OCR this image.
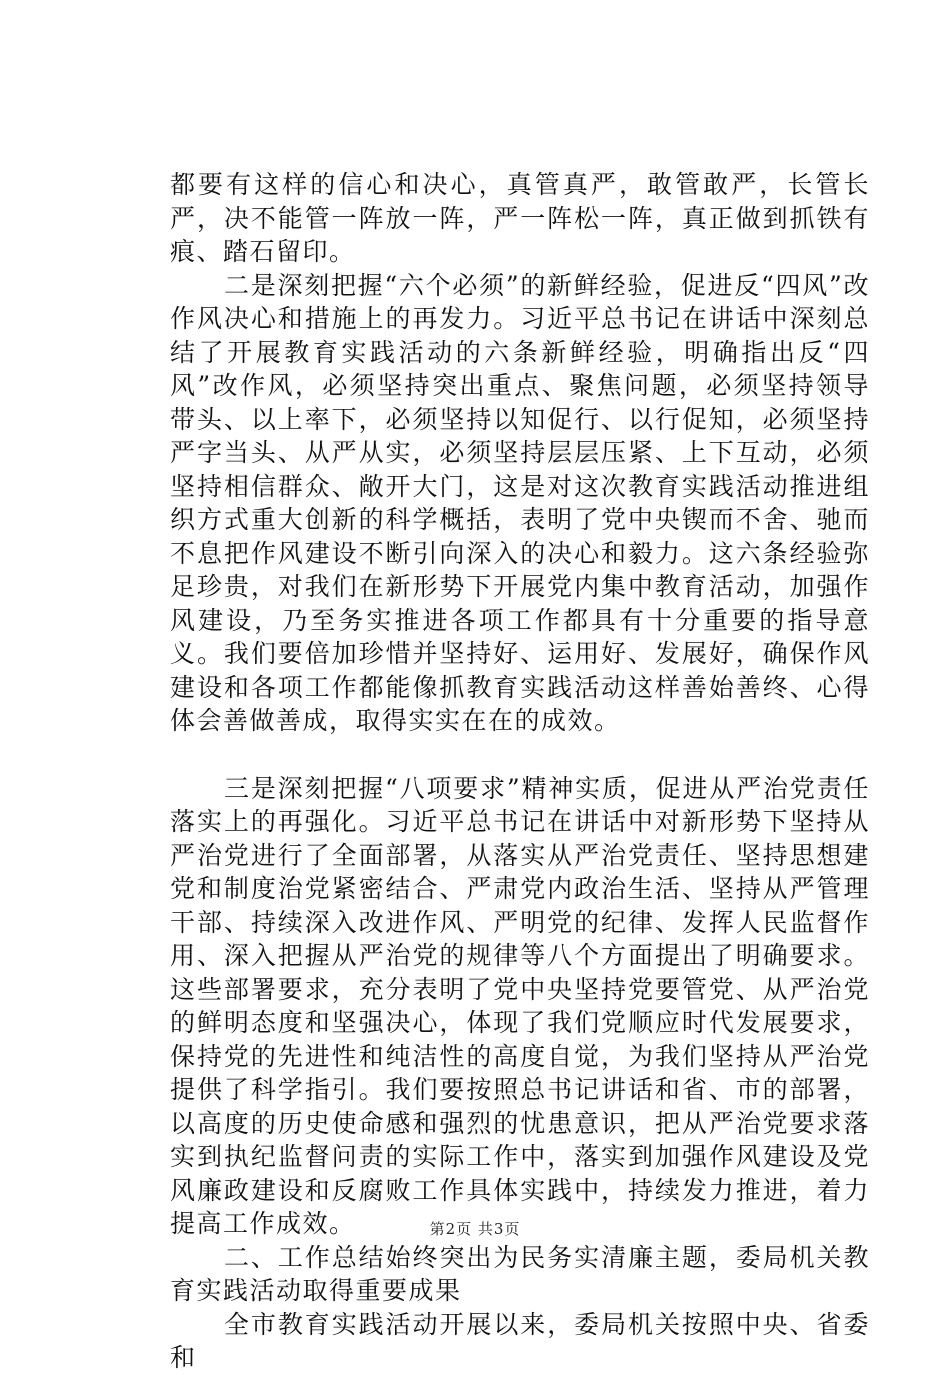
都要有这样的信心和决心，真管真严，敢管敢严，长管长严，决不能管一阵放一阵，严一阵松一阵，真正做到抓铁有痕、踏石留印。

二是深刻把握“六个必须”的新鲜经验，促进反“四风”改作风决心和措施上的再发力。习近平总书记在讲话中深刻总结了开展教育实践活动的六条新鲜经验，明确指出反“四风”改作风，必须坚持突出重点、聚焦问题，必须坚持领导带头、以上率下，必须坚持以知促行、以行促知，必须坚持严字当头、从严从实，必须坚持层层压紧、上下互动，必须坚持相信群众、敞开大门，这是对这次教育实践活动推进组织方式重大创新的科学概括，表明了党中央锲而不舍、驰而不息把作风建设不断引向深入的决心和毅力。这六条经验弥足珍贵，对我们在新形势下开展党内集中教育活动，加强作风建设，乃至务实推进各项工作都具有十分重要的指导意义。我们要倍加珍惜并坚持好、运用好、发展好，确保作风建设和各项工作都能像抓教育实践活动这样善始善终、心得体会善做善成，取得实实在在的成效。

三是深刻把握“八项要求”精神实质，促进从严治党责任落实上的再强化。习近平总书记在讲话中对新形势下坚持从严治党进行了全面部署，从落实从严治党责任、坚持思想建党和制度治党紧密结合、严肃党内政治生活、坚持从严管理干部、持续深入改进作风、严明党的纪律、发挥人民监督作用、深入把握从严治党的规律等八个方面提出了明确要求。这些部署要求，充分表明了党中央坚持党要管党、从严治党的鲜明态度和坚强决心，体现了我们党顺应时代发展要求，保持党的先进性和纯洁性的高度自觉，为我们坚持从严治党提供了科学指引。我们要按照总书记讲话和省、市的部署，以高度的历史使命感和强烈的忧患意识，把从严治党要求落实到执纪监督问责的实际工作中，落实到加强作风建设及党风廉政建设和反腐败工作具体实践中，持续发力推进，着力提高工作成效。

二、工作总结始终突出为民务实清廉主题，委局机关教育实践活动取得重要成果

全市教育实践活动开展以来，委局机关按照中央、省委和

第2页 共3页
